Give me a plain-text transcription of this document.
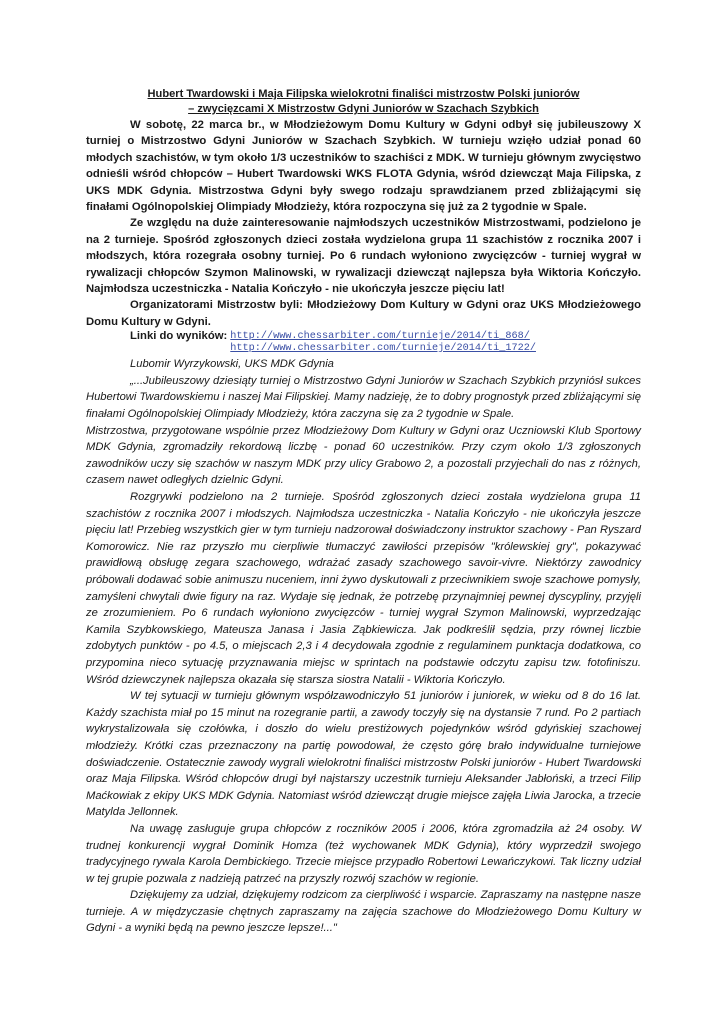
Hubert Twardowski i Maja Filipska wielokrotni finaliści mistrzostw Polski juniorów

– zwycięzcami X Mistrzostw Gdyni Juniorów w Szachach Szybkich

W sobotę, 22 marca br., w Młodzieżowym Domu Kultury w Gdyni odbył się jubileuszowy X turniej o Mistrzostwo Gdyni Juniorów w Szachach Szybkich. W turnieju wzięło udział ponad 60 młodych szachistów, w tym około 1/3 uczestników to szachiści z MDK. W turnieju głównym zwycięstwo odnieśli wśród chłopców – Hubert Twardowski WKS FLOTA Gdynia, wśród dziewcząt Maja Filipska, z UKS MDK Gdynia. Mistrzostwa Gdyni były swego rodzaju sprawdzianem przed zbliżającymi się finałami Ogólnopolskiej Olimpiady Młodzieży, która rozpoczyna się już za 2 tygodnie w Spale.

Ze względu na duże zainteresowanie najmłodszych uczestników Mistrzostwami, podzielono je na 2 turnieje. Spośród zgłoszonych dzieci została wydzielona grupa 11 szachistów z rocznika 2007 i młodszych, która rozegrała osobny turniej. Po 6 rundach wyłoniono zwycięzców - turniej wygrał w rywalizacji chłopców Szymon Malinowski, w rywalizacji dziewcząt najlepsza była Wiktoria Kończyło. Najmłodsza uczestniczka - Natalia Kończyło - nie ukończyła jeszcze pięciu lat!

Organizatorami Mistrzostw byli: Młodzieżowy Dom Kultury w Gdyni oraz UKS Młodzieżowego Domu Kultury w Gdyni.

Linki do wyników: http://www.chessarbiter.com/turnieje/2014/ti_868/
http://www.chessarbiter.com/turnieje/2014/ti_1722/

Lubomir Wyrzykowski, UKS MDK Gdynia

„...Jubileuszowy dziesiąty turniej o Mistrzostwo Gdyni Juniorów w Szachach Szybkich przyniósł sukces Hubertowi Twardowskiemu i naszej Mai Filipskiej. Mamy nadzieję, że to dobry prognostyk przed zbliżającymi się finałami Ogólnopolskiej Olimpiady Młodzieży, która zaczyna się za 2 tygodnie w Spale.

Mistrzostwa, przygotowane wspólnie przez Młodzieżowy Dom Kultury w Gdyni oraz Uczniowski Klub Sportowy MDK Gdynia, zgromadziły rekordową liczbę - ponad 60 uczestników. Przy czym około 1/3 zgłoszonych zawodników uczy się szachów w naszym MDK przy ulicy Grabowo 2, a pozostali przyjechali do nas z różnych, czasem nawet odległych dzielnic Gdyni.

Rozgrywki podzielono na 2 turnieje. Spośród zgłoszonych dzieci została wydzielona grupa 11 szachistów z rocznika 2007 i młodszych. Najmłodsza uczestniczka - Natalia Kończyło - nie ukończyła jeszcze pięciu lat! Przebieg wszystkich gier w tym turnieju nadzorował doświadczony instruktor szachowy - Pan Ryszard Komorowicz. Nie raz przyszło mu cierpliwie tłumaczyć zawiłości przepisów "królewskiej gry", pokazywać prawidłową obsługę zegara szachowego, wdrażać zasady szachowego savoir-vivre. Niektórzy zawodnicy próbowali dodawać sobie animuszu nuceniem, inni żywo dyskutowali z przeciwnikiem swoje szachowe pomysły, zamyśleni chwytali dwie figury na raz. Wydaje się jednak, że potrzebę przynajmniej pewnej dyscypliny, przyjęli ze zrozumieniem. Po 6 rundach wyłoniono zwycięzców - turniej wygrał Szymon Malinowski, wyprzedzając Kamila Szybkowskiego, Mateusza Janasa i Jasia Ząbkiewicza. Jak podkreślił sędzia, przy równej liczbie zdobytych punktów - po 4.5, o miejscach 2,3 i 4 decydowała zgodnie z regulaminem punktacja dodatkowa, co przypomina nieco sytuację przyznawania miejsc w sprintach na podstawie odczytu zapisu tzw. fotofiniszu. Wśród dziewczynek najlepsza okazała się starsza siostra Natalii - Wiktoria Kończyło.

W tej sytuacji w turnieju głównym współzawodniczyło 51 juniorów i juniorek, w wieku od 8 do 16 lat. Każdy szachista miał po 15 minut na rozegranie partii, a zawody toczyły się na dystansie 7 rund. Po 2 partiach wykrystalizowała się czołówka, i doszło do wielu prestiżowych pojedynków wśród gdyńskiej szachowej młodzieży. Krótki czas przeznaczony na partię powodował, że często górę brało indywidualne turniejowe doświadczenie. Ostatecznie zawody wygrali wielokrotni finaliści mistrzostw Polski juniorów - Hubert Twardowski oraz Maja Filipska. Wśród chłopców drugi był najstarszy uczestnik turnieju Aleksander Jabłoński, a trzeci Filip Maćkowiak z ekipy UKS MDK Gdynia. Natomiast wśród dziewcząt drugie miejsce zajęła Liwia Jarocka, a trzecie Matylda Jellonnek.

Na uwagę zasługuje grupa chłopców z roczników 2005 i 2006, która zgromadziła aż 24 osoby. W trudnej konkurencji wygrał Dominik Homza (też wychowanek MDK Gdynia), który wyprzedził swojego tradycyjnego rywala Karola Dembickiego. Trzecie miejsce przypadło Robertowi Lewańczykowi. Tak liczny udział w tej grupie pozwala z nadzieją patrzeć na przyszły rozwój szachów w regionie.

Dziękujemy za udział, dziękujemy rodzicom za cierpliwość i wsparcie. Zapraszamy na następne nasze turnieje. A w międzyczasie chętnych zapraszamy na zajęcia szachowe do Młodzieżowego Domu Kultury w Gdyni - a wyniki będą na pewno jeszcze lepsze!..."
